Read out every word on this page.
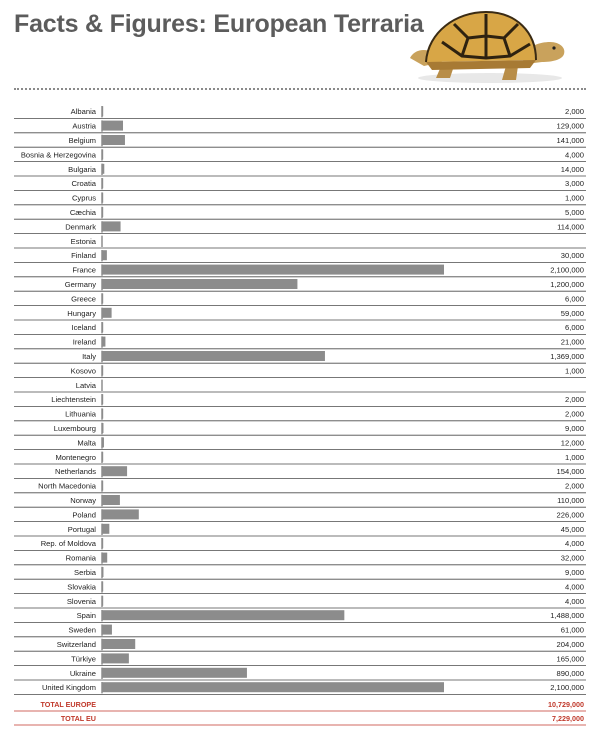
Facts & Figures: European Terraria
Albania	2,000
Austria	129,000
Belgium	141,000
Bosnia & Herzegovina	4,000
Bulgaria	14,000
Croatia	3,000
Cyprus	1,000
Cæchia	5,000
Denmark	114,000
Estonia
Finland	30,000
France	2,100,000
Germany	1,200,000
Greece	6,000
Hungary	59,000
Iceland	6,000
Ireland	21,000
Italy	1,369,000
Kosovo	1,000
Latvia
Liechtenstein	2,000
Lithuania	2,000
Luxembourg	9,000
Malta	12,000
Montenegro	1,000
Netherlands	154,000
North Macedonia	2,000
Norway	110,000
Poland	226,000
Portugal	45,000
Rep. of Moldova	4,000
Romania	32,000
Serbia	9,000
Slovakia	4,000
Slovenia	4,000
Spain	1,488,000
Sweden	61,000
Switzerland	204,000
Türkiye	165,000
Ukraine	890,000
United Kingdom	2,100,000
TOTAL EUROPE	10,729,000
TOTAL EU	7,229,000
